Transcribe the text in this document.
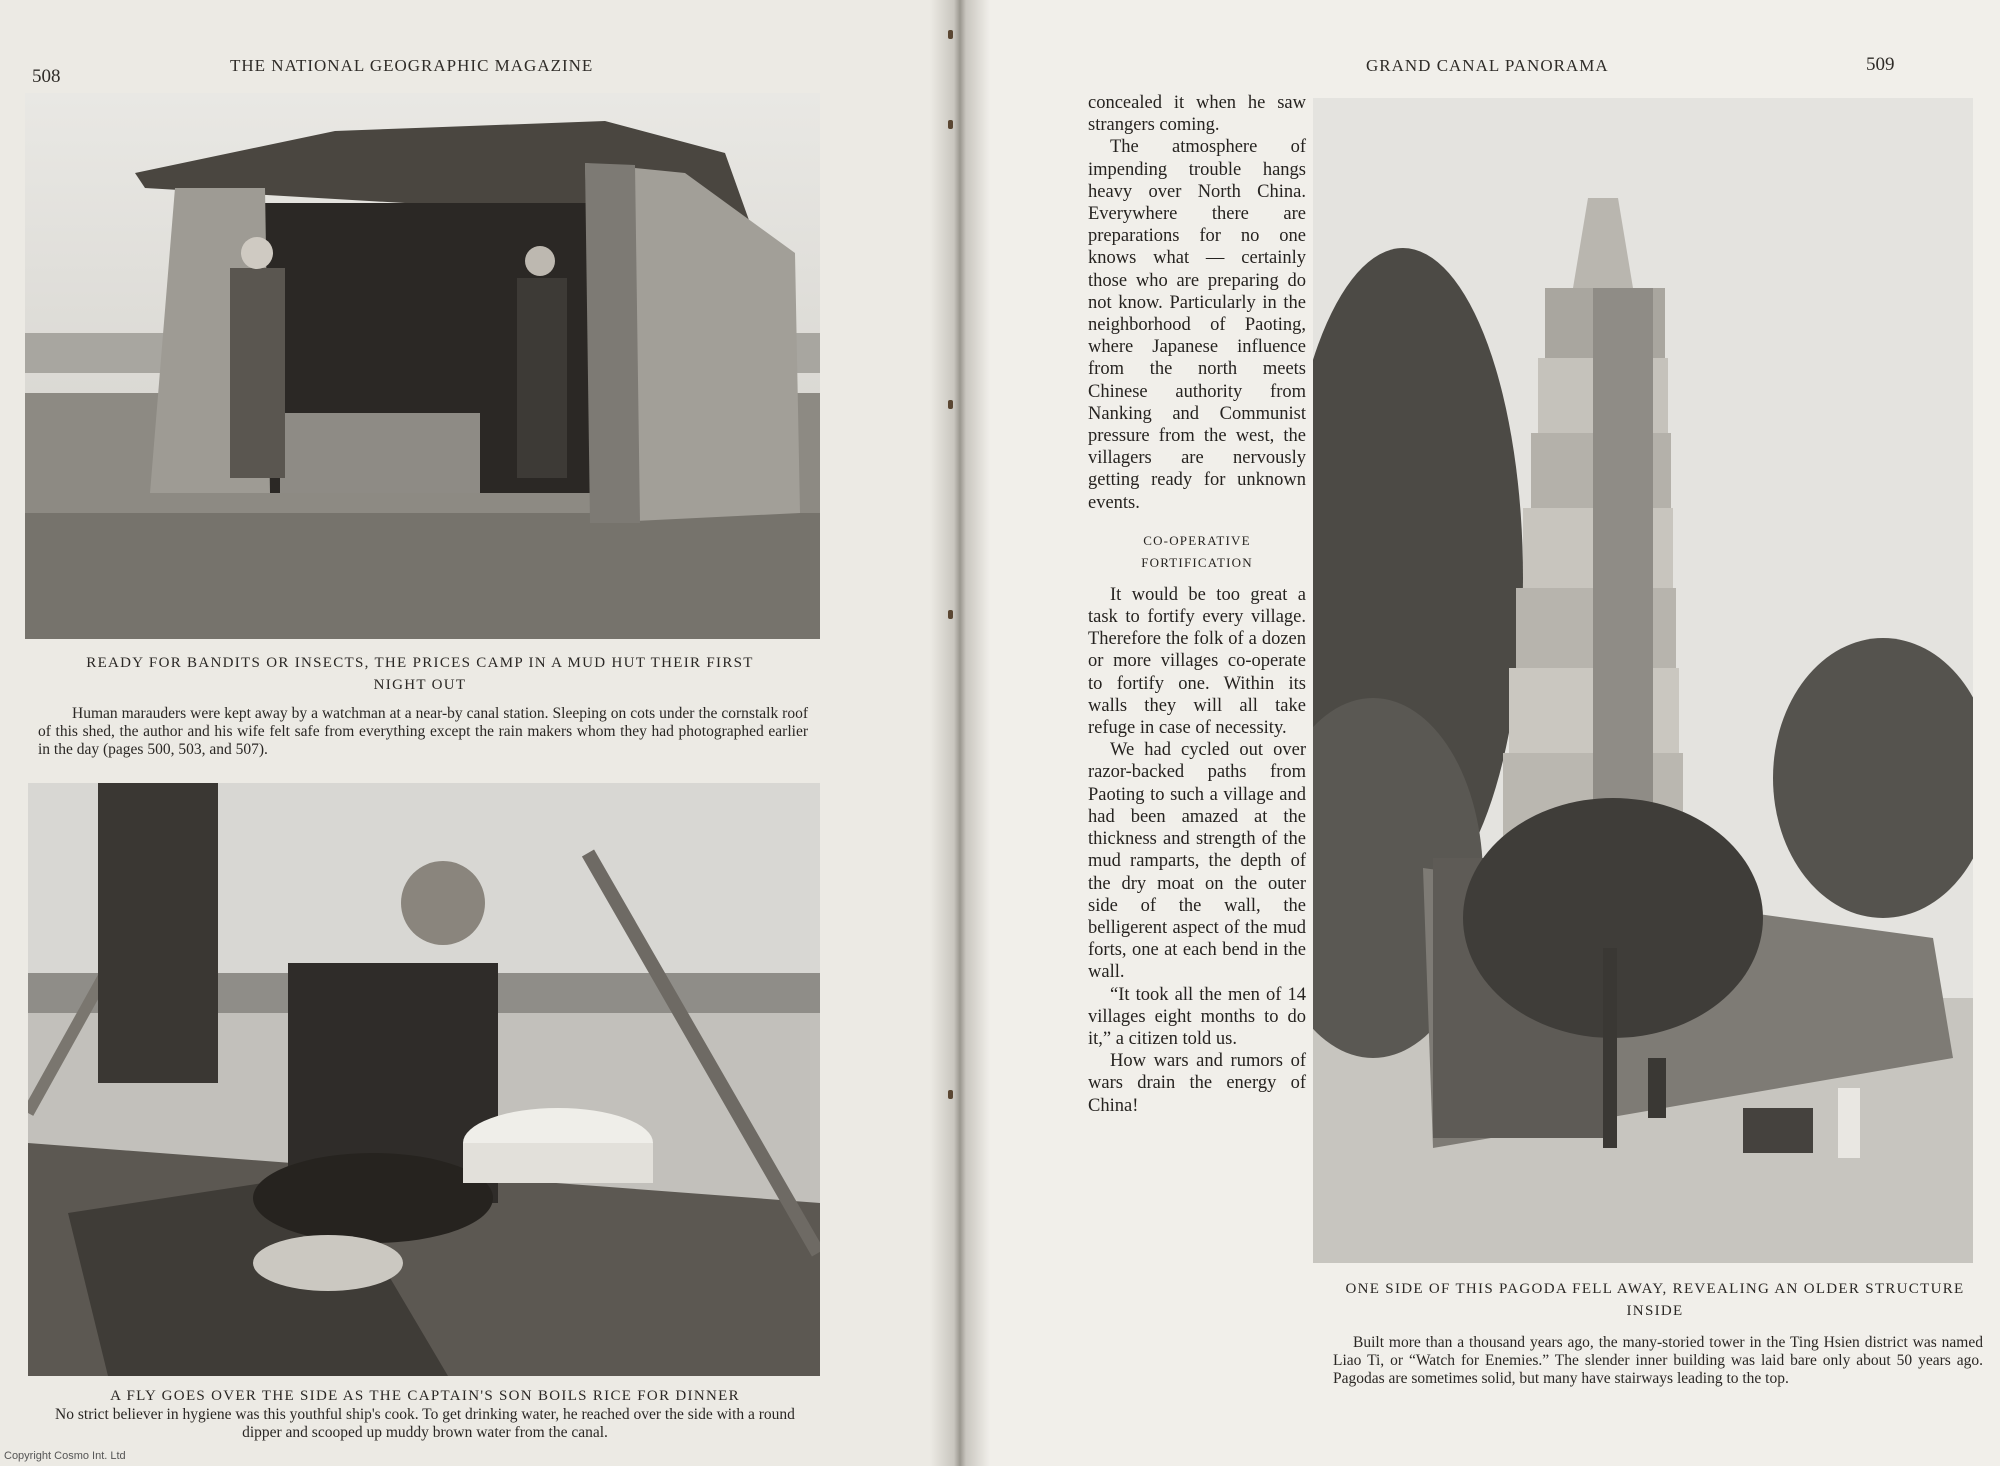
508
THE NATIONAL GEOGRAPHIC MAGAZINE
READY FOR BANDITS OR INSECTS, THE PRICES CAMP IN A MUD HUT THEIR FIRST NIGHT OUT
Human marauders were kept away by a watchman at a near-by canal station. Sleeping on cots under the cornstalk roof of this shed, the author and his wife felt safe from everything except the rain makers whom they had photographed earlier in the day (pages 500, 503, and 507).
A FLY GOES OVER THE SIDE AS THE CAPTAIN'S SON BOILS RICE FOR DINNER
No strict believer in hygiene was this youthful ship's cook. To get drinking water, he reached over the side with a round dipper and scooped up muddy brown water from the canal.
GRAND CANAL PANORAMA	509

concealed it when he saw strangers coming.

The atmosphere of impending trouble hangs heavy over North China. Everywhere there are preparations for no one knows what — certainly those who are preparing do not know. Particularly in the neighborhood of Paoting, where Japanese influence from the north meets Chinese authority from Nanking and Communist pressure from the west, the villagers are nervously getting ready for unknown events.

CO-OPERATIVE FORTIFICATION

It would be too great a task to fortify every village. Therefore the folk of a dozen or more villages co-operate to fortify one. Within its walls they will all take refuge in case of necessity.

We had cycled out over razor-backed paths from Paoting to such a village and had been amazed at the thickness and strength of the mud ramparts, the depth of the dry moat on the outer side of the wall, the belligerent aspect of the mud forts, one at each bend in the wall.

“It took all the men of 14 villages eight months to do it,” a citizen told us.

How wars and rumors of wars drain the energy of China!

ONE SIDE OF THIS PAGODA FELL AWAY, REVEALING AN OLDER STRUCTURE INSIDE
Built more than a thousand years ago, the many-storied tower in the Ting Hsien district was named Liao Ti, or “Watch for Enemies.” The slender inner building was laid bare only about 50 years ago. Pagodas are sometimes solid, but many have stairways leading to the top.
Copyright Cosmo Int. Ltd
